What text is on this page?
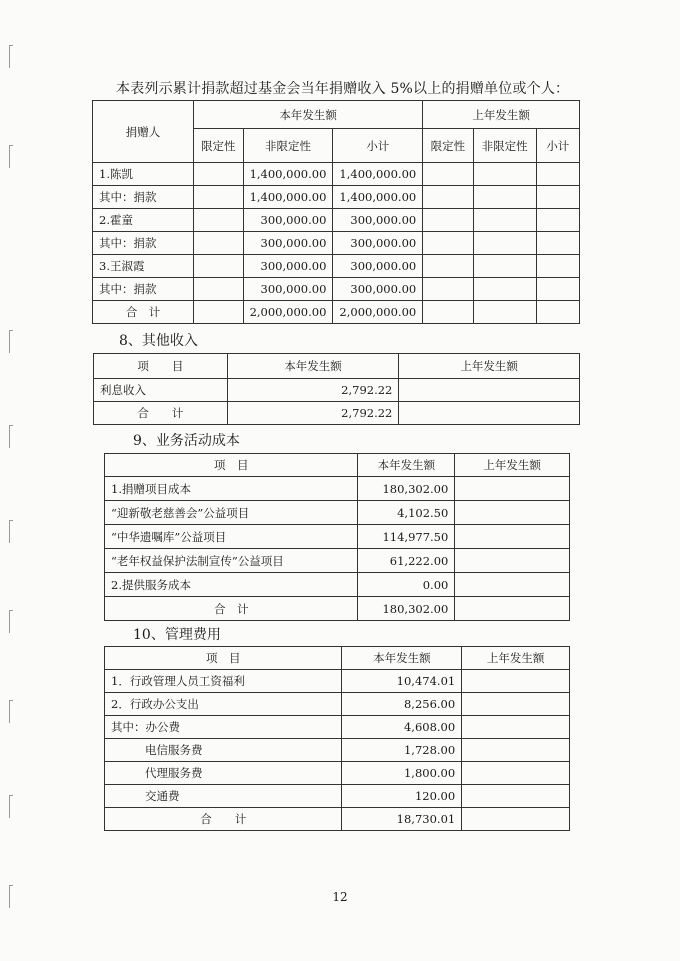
本表列示累计捐款超过基金会当年捐赠收入 5%以上的捐赠单位或个人：
捐赠人	本年发生额			上年发生额		
	限定性	非限定性	小计	限定性	非限定性	小计
1.陈凯		1,400,000.00	1,400,000.00			
其中：捐款		1,400,000.00	1,400,000.00			
2.霍童		300,000.00	300,000.00			
其中：捐款		300,000.00	300,000.00			
3.王淑霞		300,000.00	300,000.00			
其中：捐款		300,000.00	300,000.00			
合　计		2,000,000.00	2,000,000.00			
8、其他收入
项　　目	本年发生额	上年发生额
利息收入	2,792.22	
合　　计	2,792.22	
9、业务活动成本
项　目	本年发生额	上年发生额
1.捐赠项目成本	180,302.00	
“迎新敬老慈善会”公益项目	4,102.50	
“中华遗嘱库”公益项目	114,977.50	
“老年权益保护法制宣传”公益项目	61,222.00	
2.提供服务成本	0.00	
合　计	180,302.00	
10、管理费用
项　目	本年发生额	上年发生额
1．行政管理人员工资福利	10,474.01	
2．行政办公支出	8,256.00	
其中：办公费	4,608.00	
电信服务费	1,728.00	
代理服务费	1,800.00	
交通费	120.00	
合　　计	18,730.01	
12
